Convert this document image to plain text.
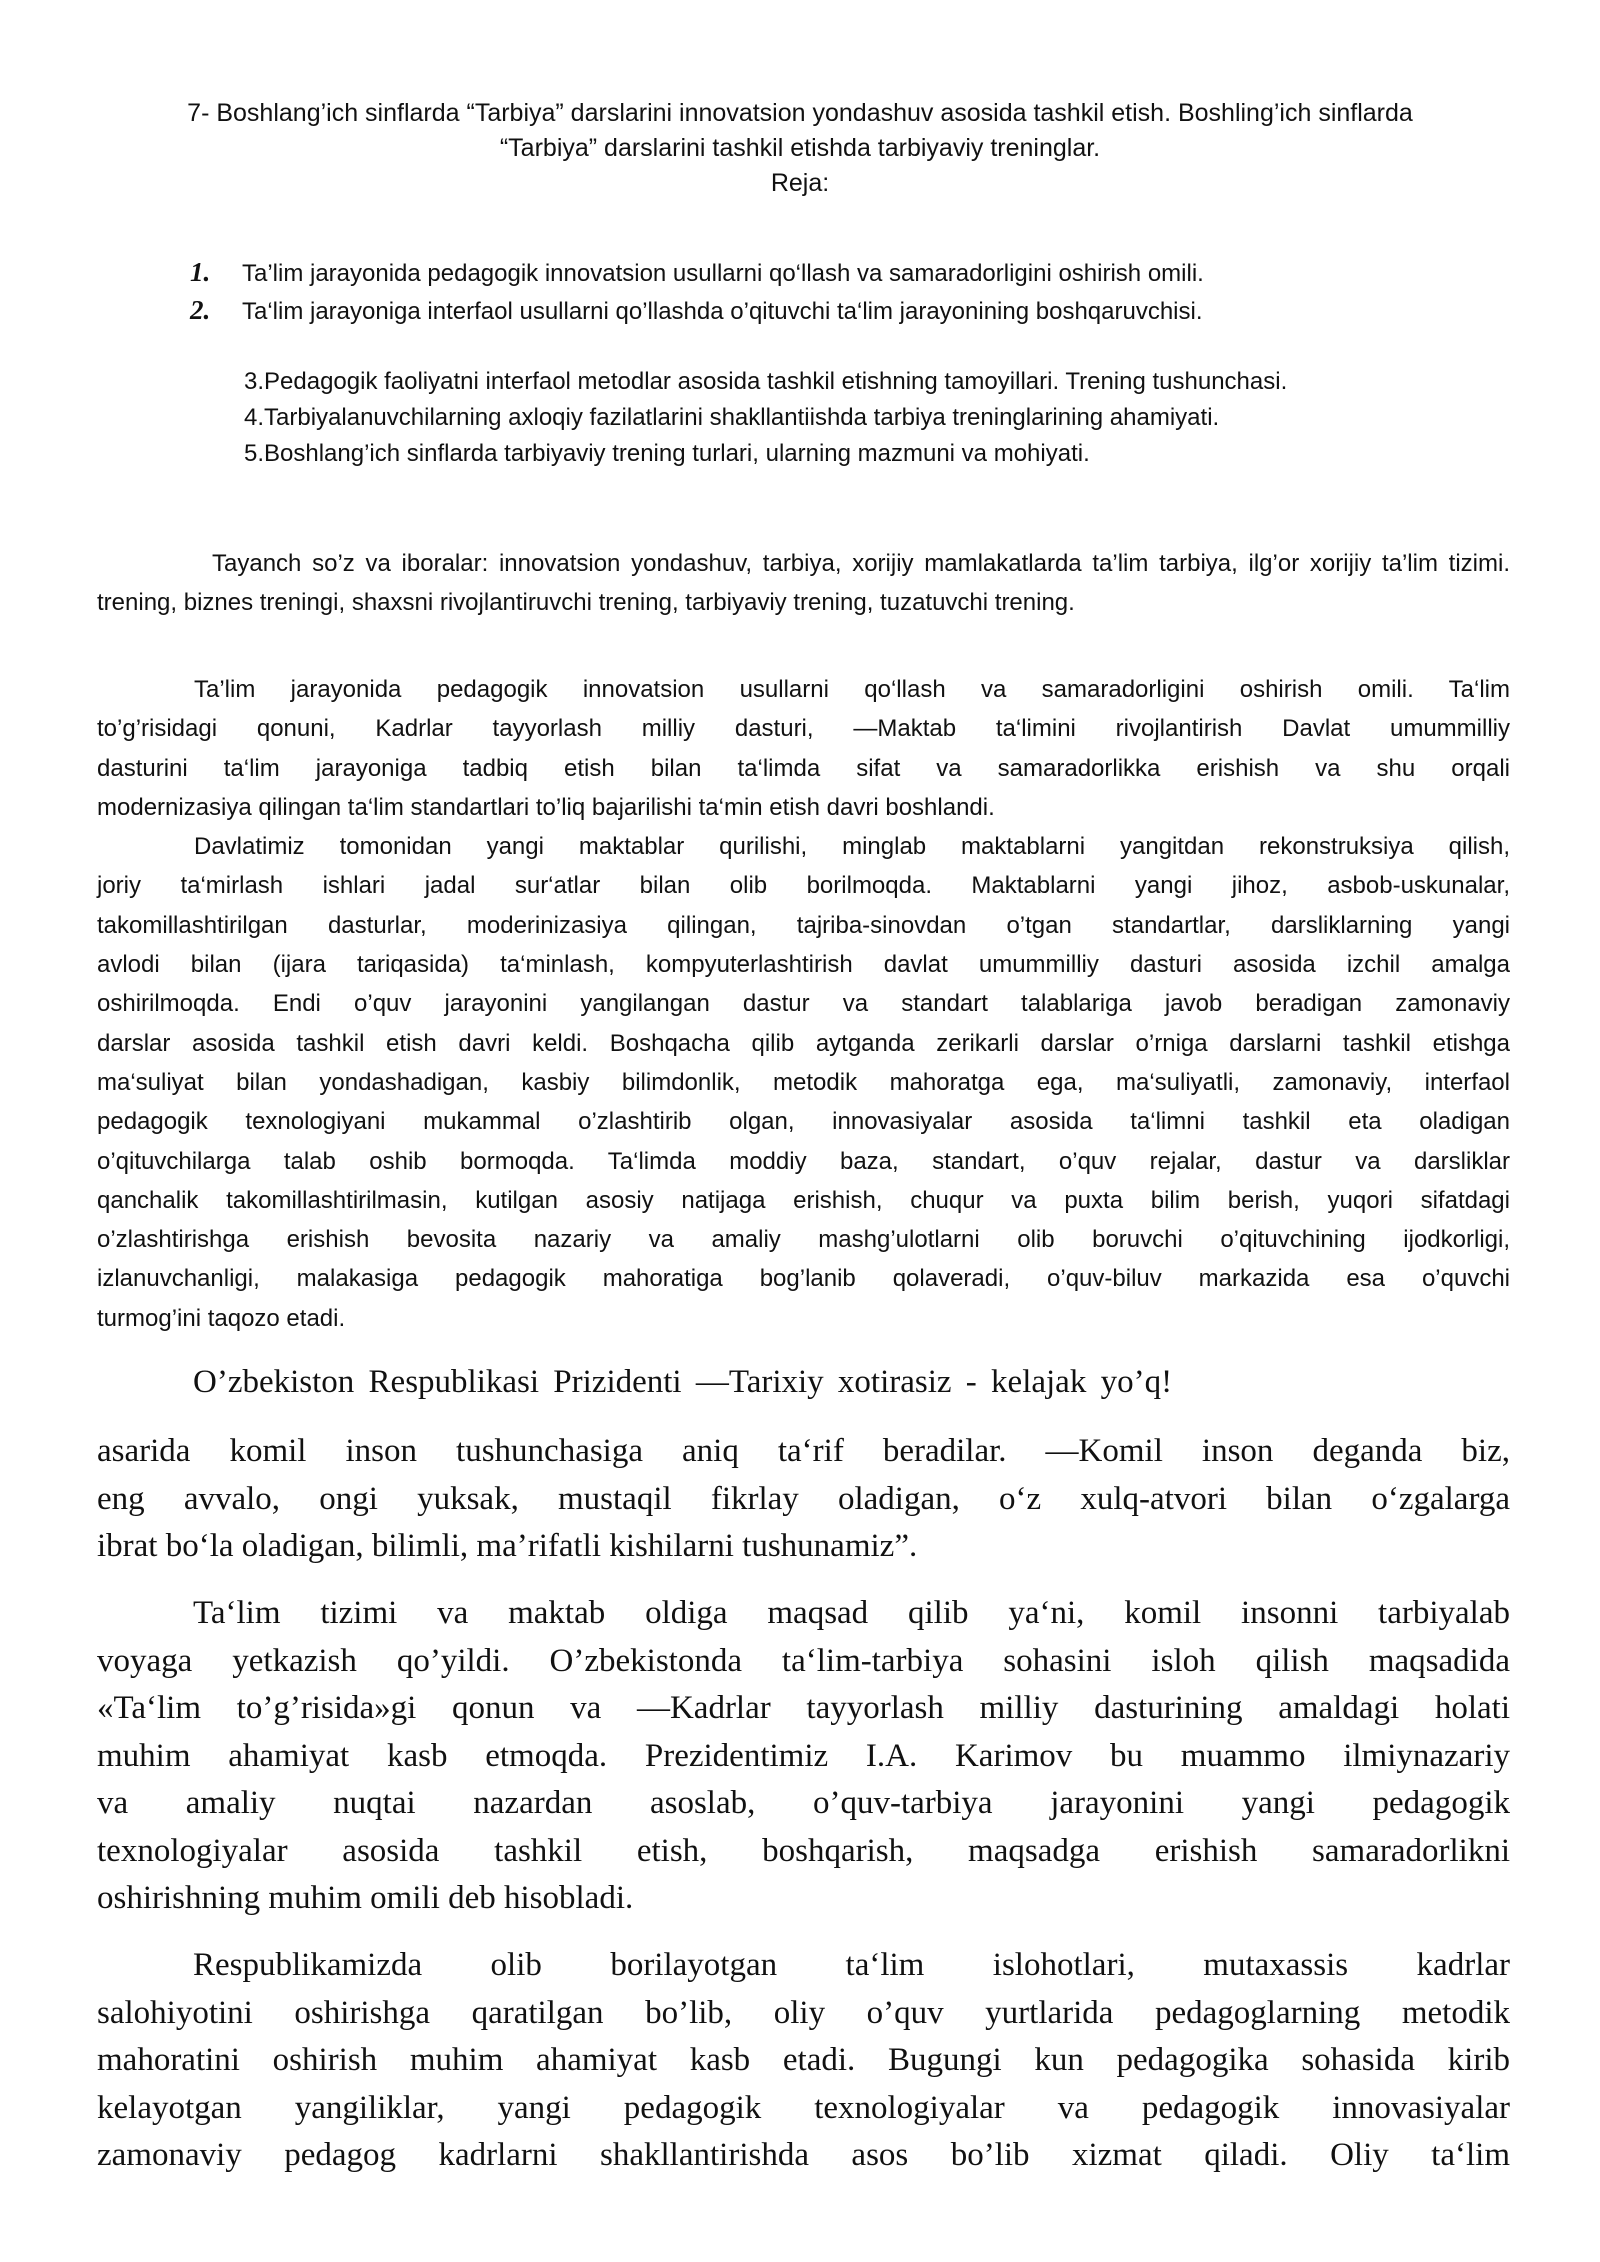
7- Boshlang’ich sinflarda “Tarbiya” darslarini innovatsion yondashuv asosida tashkil etish. Boshling’ich sinflarda
“Tarbiya” darslarini tashkil etishda tarbiyaviy treninglar.
Reja:
1. Ta’lim jarayonida pedagogik innovatsion usullarni qo‘llash va samaradorligini oshirish omili.
2. Ta‘lim jarayoniga interfaol usullarni qo’llashda o’qituvchi ta‘lim jarayonining boshqaruvchisi.
3.Pedagogik faoliyatni interfaol metodlar asosida tashkil etishning tamoyillari. Trening tushunchasi.
4.Tarbiyalanuvchilarning axloqiy fazilatlarini shakllantiishda tarbiya treninglarining ahamiyati.
5.Boshlang’ich sinflarda tarbiyaviy trening turlari, ularning mazmuni va mohiyati.
Tayanch so’z va iboralar: innovatsion yondashuv, tarbiya, xorijiy mamlakatlarda ta’lim tarbiya, ilg’or xorijiy ta’lim tizimi. trening, biznes treningi, shaxsni rivojlantiruvchi trening, tarbiyaviy trening, tuzatuvchi trening.
Ta’lim jarayonida pedagogik innovatsion usullarni qo‘llash va samaradorligini oshirish omili. Ta‘lim
to’g’risidagi qonuni, Kadrlar tayyorlash milliy dasturi, ―Maktab ta‘limini rivojlantirish Davlat umummilliy
dasturini ta‘lim jarayoniga tadbiq etish bilan ta‘limda sifat va samaradorlikka erishish va shu orqali
modernizasiya qilingan ta‘lim standartlari to’liq bajarilishi ta‘min etish davri boshlandi.
Davlatimiz tomonidan yangi maktablar qurilishi, minglab maktablarni yangitdan rekonstruksiya qilish,
joriy ta‘mirlash ishlari jadal sur‘atlar bilan olib borilmoqda. Maktablarni yangi jihoz, asbob-uskunalar,
takomillashtirilgan dasturlar, moderinizasiya qilingan, tajriba-sinovdan o’tgan standartlar, darsliklarning yangi
avlodi bilan (ijara tariqasida) ta‘minlash, kompyuterlashtirish davlat umummilliy dasturi asosida izchil amalga
oshirilmoqda. Endi o’quv jarayonini yangilangan dastur va standart talablariga javob beradigan zamonaviy
darslar asosida tashkil etish davri keldi. Boshqacha qilib aytganda zerikarli darslar o’rniga darslarni tashkil etishga
ma‘suliyat bilan yondashadigan, kasbiy bilimdonlik, metodik mahoratga ega, ma‘suliyatli, zamonaviy, interfaol
pedagogik texnologiyani mukammal o’zlashtirib olgan, innovasiyalar asosida ta‘limni tashkil eta oladigan
o’qituvchilarga talab oshib bormoqda. Ta‘limda moddiy baza, standart, o’quv rejalar, dastur va darsliklar
qanchalik takomillashtirilmasin, kutilgan asosiy natijaga erishish, chuqur va puxta bilim berish, yuqori sifatdagi
o’zlashtirishga erishish bevosita nazariy va amaliy mashg’ulotlarni olib boruvchi o’qituvchining ijodkorligi,
izlanuvchanligi, malakasiga pedagogik mahoratiga bog’lanib qolaveradi, o’quv-biluv markazida esa o’quvchi
turmog’ini taqozo etadi.
O’zbekiston Respublikasi Prizidenti ―Tarixiy xotirasiz - kelajak yo’q!
asarida komil inson tushunchasiga aniq ta‘rif beradilar. ―Komil inson deganda biz,
eng avvalo, ongi yuksak, mustaqil fikrlay oladigan, o‘z xulq-atvori bilan o‘zgalarga
ibrat bo‘la oladigan, bilimli, ma’rifatli kishilarni tushunamiz”.
Ta‘lim tizimi va maktab oldiga maqsad qilib ya‘ni, komil insonni tarbiyalab
voyaga yetkazish qo’yildi. O’zbekistonda ta‘lim-tarbiya sohasini isloh qilish maqsadida
«Ta‘lim to’g’risida»gi qonun va ―Kadrlar tayyorlash milliy dasturining amaldagi holati
muhim ahamiyat kasb etmoqda. Prezidentimiz I.A. Karimov bu muammo ilmiynazariy
va amaliy nuqtai nazardan asoslab, o’quv-tarbiya jarayonini yangi pedagogik
texnologiyalar asosida tashkil etish, boshqarish, maqsadga erishish samaradorlikni
oshirishning muhim omili deb hisobladi.
Respublikamizda olib borilayotgan ta‘lim islohotlari, mutaxassis kadrlar
salohiyotini oshirishga qaratilgan bo’lib, oliy o’quv yurtlarida pedagoglarning metodik
mahoratini oshirish muhim ahamiyat kasb etadi. Bugungi kun pedagogika sohasida kirib
kelayotgan yangiliklar, yangi pedagogik texnologiyalar va pedagogik innovasiyalar
zamonaviy pedagog kadrlarni shakllantirishda asos bo’lib xizmat qiladi. Oliy ta‘lim
